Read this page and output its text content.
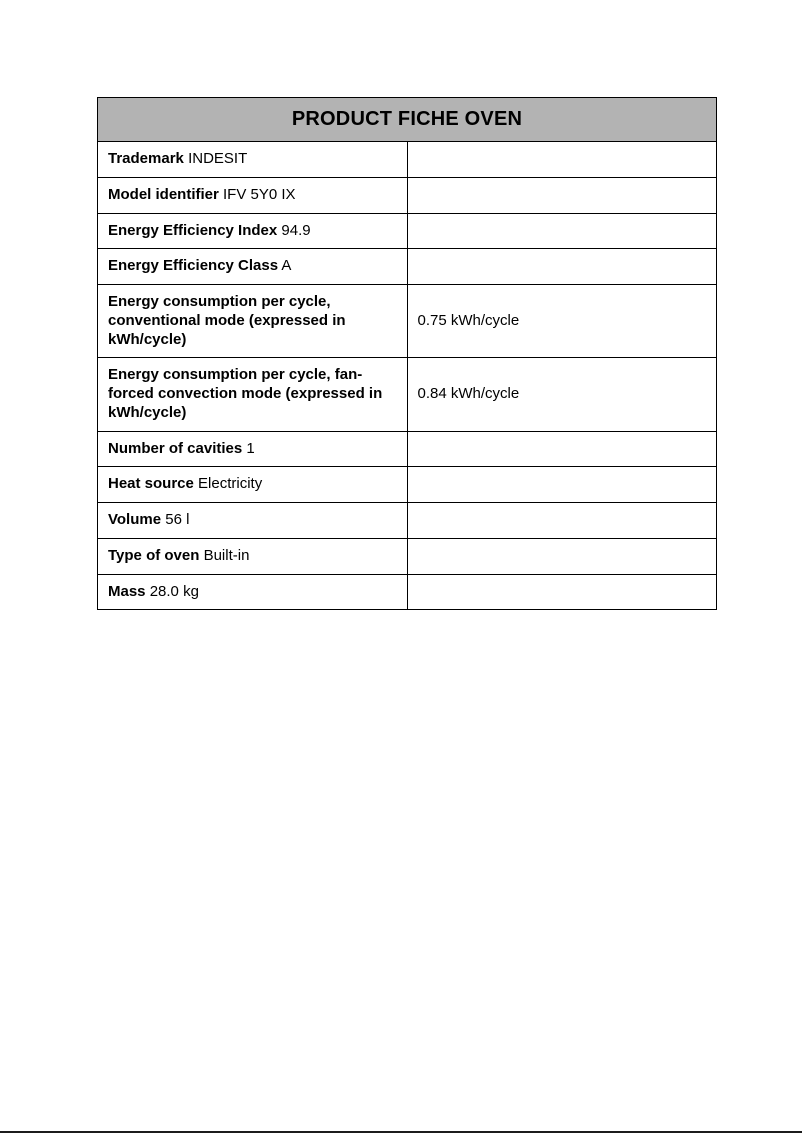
PRODUCT FICHE OVEN	
Trademark INDESIT	
Model identifier IFV 5Y0 IX	
Energy Efficiency Index 94.9	
Energy Efficiency Class A	
Energy consumption per cycle, conventional mode (expressed in kWh/cycle)	0.75 kWh/cycle
Energy consumption per cycle, fan-forced convection mode (expressed in kWh/cycle)	0.84 kWh/cycle
Number of cavities 1	
Heat source Electricity	
Volume 56 l	
Type of oven Built-in	
Mass 28.0 kg	
